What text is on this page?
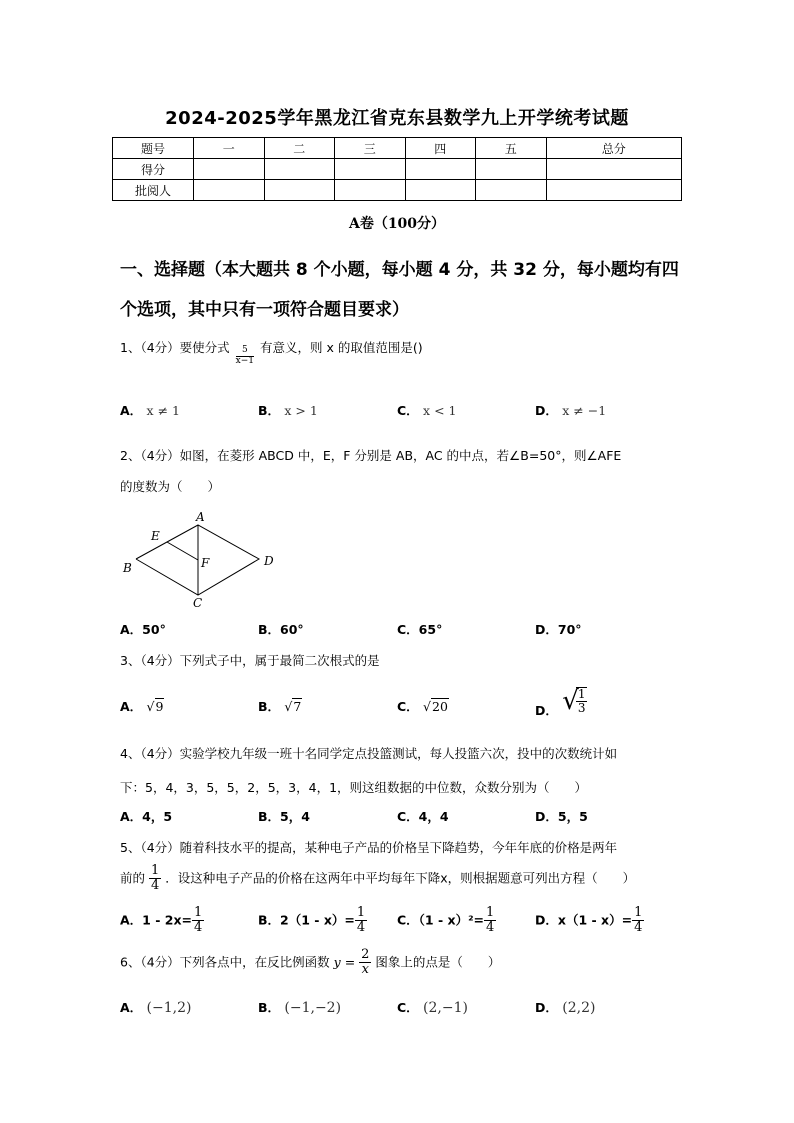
2024-2025学年黑龙江省克东县数学九上开学统考试题
题号	一	二	三	四	五	总分
得分						
批阅人						
A卷（100分）
一、选择题（本大题共 8 个小题，每小题 4 分，共 32 分，每小题均有四个选项，其中只有一项符合题目要求）
1、（4分）要使分式 $\frac{5}{x-1}$ 有意义，则 x 的取值范围是()
A． x ≠ 1	B． x > 1	C． x < 1	D． x ≠ −1
2、（4分）如图，在菱形 ABCD 中，E，F 分别是 AB，AC 的中点，若∠B=50°，则∠AFE
的度数为（　　）
A
B
C
D
E
F
A．50°	B．60°	C．65°	D．70°
3、（4分）下列式子中，属于最简二次根式的是
A． √9	B． √7	C． √20	D． √
$\frac{1}{3}$
4、（4分）实验学校九年级一班十名同学定点投篮测试，每人投篮六次，投中的次数统计如
下：5，4，3，5，5，2，5，3，4，1，则这组数据的中位数，众数分别为（　　）
A．4，5	B．5，4	C．4，4	D．5，5
5、（4分）随着科技水平的提高，某种电子产品的价格呈下降趋势，今年年底的价格是两年
前的 $\frac{1}{4}$ ．设这种电子产品的价格在这两年中平均每年下降x，则根据题意可列出方程（　　）
A．$1 - 2x= \frac{1}{4}$	B．$2(1 - x)= \frac{1}{4}$ C．$(1 - x)^2= \frac{1}{4}$	D．$x(1 - x)= \frac{1}{4}$
6、（4分）下列各点中，在反比例函数 $y = \frac{2}{x}$ 图象上的点是（　　）
A． (−1,2)	B． (−1,−2)	C． (2,−1)	D． (2,2)
